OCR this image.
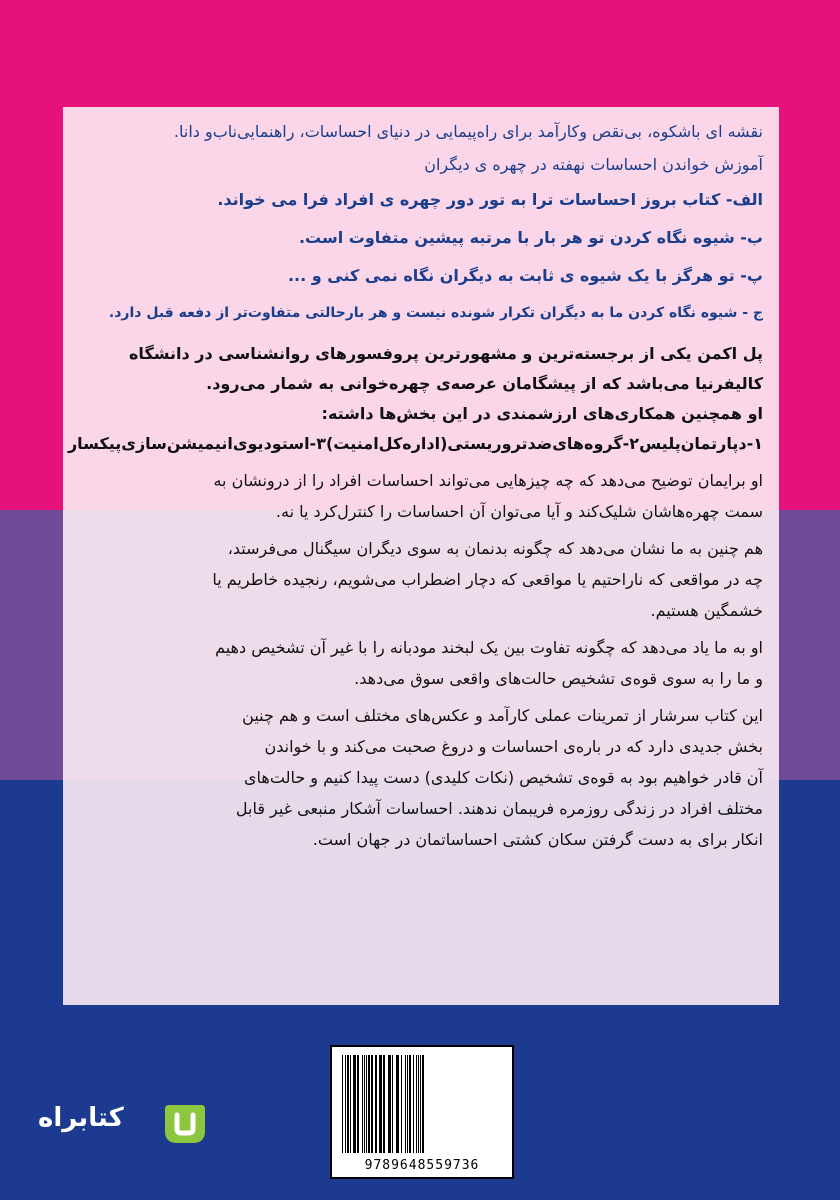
نقشه ای باشکوه، بی‌نقص وکارآمد برای راه‌پیمایی در دنیای احساسات، راهنمایی‌ناب‌و دانا.

آموزش خواندن احساسات نهفته در چهره ی دیگران

الف- کتاب بروز احساسات ترا به تور دور چهره ی افراد فرا می خواند.

ب- شیوه نگاه کردن تو هر بار با مرتبه پیشین متفاوت است.

پ- تو هرگز با یک شیوه ی ثابت به دیگران نگاه نمی کنی و ...

ج - شیوه نگاه کردن ما به دیگران تکرار شونده نیست و هر بارحالتی متفاوت‌تر از دفعه قبل دارد.

پل اکمن یکی از برجسته‌ترین و مشهورترین پروفسورهای روانشناسی در دانشگاه

کالیفرنیا می‌باشد که از پیشگامان عرصه‌ی چهره‌خوانی به شمار می‌رود.

او همچنین همکاری‌های ارزشمندی در این بخش‌ها داشته:

۱-دپارتمان‌پلیس۲-گروه‌های‌ضدتروریستی(اداره‌کل‌امنیت)۳-استودیوی‌انیمیشن‌سازی‌پیکسار

او برایمان توضیح می‌دهد که چه چیزهایی می‌تواند احساسات افراد را از درونشان به

سمت چهره‌هاشان شلیک‌کند و آیا می‌توان آن احساسات را کنترل‌کرد یا نه.

هم چنین به ما نشان می‌دهد که چگونه بدنمان به سوی دیگران سیگنال می‌فرستد،

چه در مواقعی که ناراحتیم یا مواقعی که دچار اضطراب می‌شویم، رنجیده خاطریم یا

خشمگین هستیم.

او به ما یاد می‌دهد که چگونه تفاوت بین یک لبخند مودبانه را با غیر آن تشخیص دهیم

و ما را به سوی قوه‌ی تشخیص حالت‌های واقعی سوق می‌دهد.

این کتاب سرشار از تمرینات عملی کارآمد و عکس‌های مختلف است و هم چنین

بخش جدیدی دارد که در باره‌ی احساسات و دروغ صحبت می‌کند و با خواندن

آن قادر خواهیم بود به قوه‌ی تشخیص (نکات کلیدی) دست پیدا کنیم و حالت‌های

مختلف افراد در زندگی روزمره فریبمان ندهند. احساسات آشکار منبعی غیر قابل

انکار برای به دست گرفتن سکان کشتی احساساتمان در جهان است.

9789648559736
کتابراه
